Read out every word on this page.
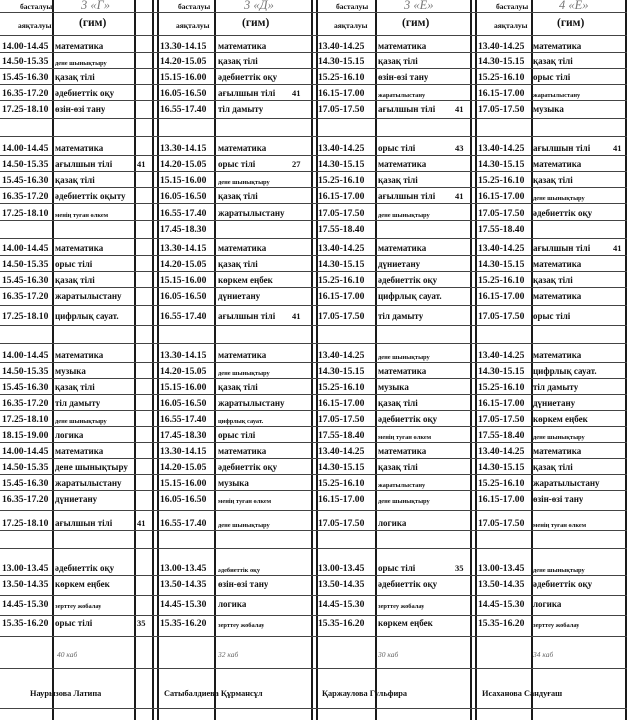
басталуы
аяқталуы
3 «Г»
(гим)
басталуы
аяқталуы
3 «Д»
(гим)
басталуы
аяқталуы
3 «Е»
(гим)
басталуы
аяқталуы
4 «Е»
(гим)
14.00-14.45 математика
14.50-15.35 дене шынықтыру
15.45-16.30 қазақ тілі
16.35-17.20 әдебиеттік оқу
17.25-18.10 өзін-өзі тану
14.00-14.45 математика
14.50-15.35 ағылшын тілі	41
15.45-16.30 қазақ тілі
16.35-17.20 әдебиеттік оқыту
17.25-18.10 менің туған өлкем
14.00-14.45 математика
14.50-15.35 орыс тілі
15.45-16.30 қазақ тілі
16.35-17.20 жаратылыстану
17.25-18.10 цифрлық сауат.
14.00-14.45 математика
14.50-15.35 музыка
15.45-16.30 қазақ тілі
16.35-17.20 тіл дамыту
17.25-18.10 дене шынықтыру
18.15-19.00 логика
14.00-14.45 математика
14.50-15.35 дене шынықтыру
15.45-16.30 жаратылыстану
16.35-17.20 дүниетану
17.25-18.10 ағылшын тілі	41
13.00-13.45 әдебиеттік оқу
13.50-14.35 көркем еңбек
14.45-15.30 зерттеу жобалау
15.35-16.20 орыс тілі	35
40 каб
Наурызова Латипа
13.30-14.15 математика
14.20-15.05 қазақ тілі
15.15-16.00 әдебиеттік оқу
16.05-16.50 ағылшын тілі 41
16.55-17.40 тіл дамыту
13.30-14.15 математика
14.20-15.05 орыс тілі	27
15.15-16.00 дене шынықтыру
16.05-16.50 қазақ тілі
16.55-17.40 жаратылыстану
17.45-18.30
13.30-14.15 математика
14.20-15.05 қазақ тілі
15.15-16.00 көркем еңбек
16.05-16.50 дүниетану
16.55-17.40 ағылшын тілі 41
13.30-14.15 математика
14.20-15.05 дене шынықтыру
15.15-16.00 қазақ тілі
16.05-16.50 жаратылыстану
16.55-17.40 цифрлық сауат.
17.45-18.30 орыс тілі
13.30-14.15 математика
14.20-15.05 әдебиеттік оқу
15.15-16.00 музыка
16.05-16.50 менің туған өлкем
16.55-17.40 дене шынықтыру
13.00-13.45 әдебиеттік оқу
13.50-14.35 өзін-өзі тану
14.45-15.30 логика
15.35-16.20 зерттеу жобалау
32 каб
Сатыбалдиева Құрмансұл
13.40-14.25 математика
14.30-15.15 қазақ тілі
15.25-16.10 өзін-өзі тану
16.15-17.00 жаратылыстану
17.05-17.50 ағылшын тілі 41
13.40-14.25 орыс тілі	43
14.30-15.15 математика
15.25-16.10 қазақ тілі
16.15-17.00 ағылшын тілі 41
17.05-17.50 дене шынықтыру
17.55-18.40
13.40-14.25 математика
14.30-15.15 дүниетану
15.25-16.10 әдебиеттік оқу
16.15-17.00 цифрлық сауат.
17.05-17.50 тіл дамыту
13.40-14.25 дене шынықтыру
14.30-15.15 математика
15.25-16.10 музыка
16.15-17.00 қазақ тілі
17.05-17.50 әдебиеттік оқу
17.55-18.40 менің туған өлкем
13.40-14.25 математика
14.30-15.15 қазақ тілі
15.25-16.10 жаратылыстану
16.15-17.00 дене шынықтыру
17.05-17.50 логика
13.00-13.45 орыс тілі	35
13.50-14.35 әдебиеттік оқу
14.45-15.30 зерттеу жобалау
15.35-16.20 көркем еңбек
30 каб
Қаржаулова Гульфира
13.40-14.25 математика
14.30-15.15 қазақ тілі
15.25-16.10 орыс тілі
16.15-17.00 жаратылыстану
17.05-17.50 музыка
13.40-14.25 ағылшын тілі	41
14.30-15.15 математика
15.25-16.10 қазақ тілі
16.15-17.00 дене шынықтыру
17.05-17.50 әдебиеттік оқу
17.55-18.40
13.40-14.25 ағылшын тілі	41
14.30-15.15 математика
15.25-16.10 қазақ тілі
16.15-17.00 математика
17.05-17.50 орыс тілі
13.40-14.25 математика
14.30-15.15 цифрлық сауат.
15.25-16.10 тіл дамыту
16.15-17.00 дүниетану
17.05-17.50 көркем еңбек
17.55-18.40 дене шынықтыру
13.40-14.25 математика
14.30-15.15 қазақ тілі
15.25-16.10 жаратылыстану
16.15-17.00 өзін-өзі тану
17.05-17.50 менің туған өлкем
13.00-13.45 дене шынықтыру
13.50-14.35 әдебиеттік оқу
14.45-15.30 логика
15.35-16.20 зерттеу жобалау
34 каб
Исаханова Сандуғаш
